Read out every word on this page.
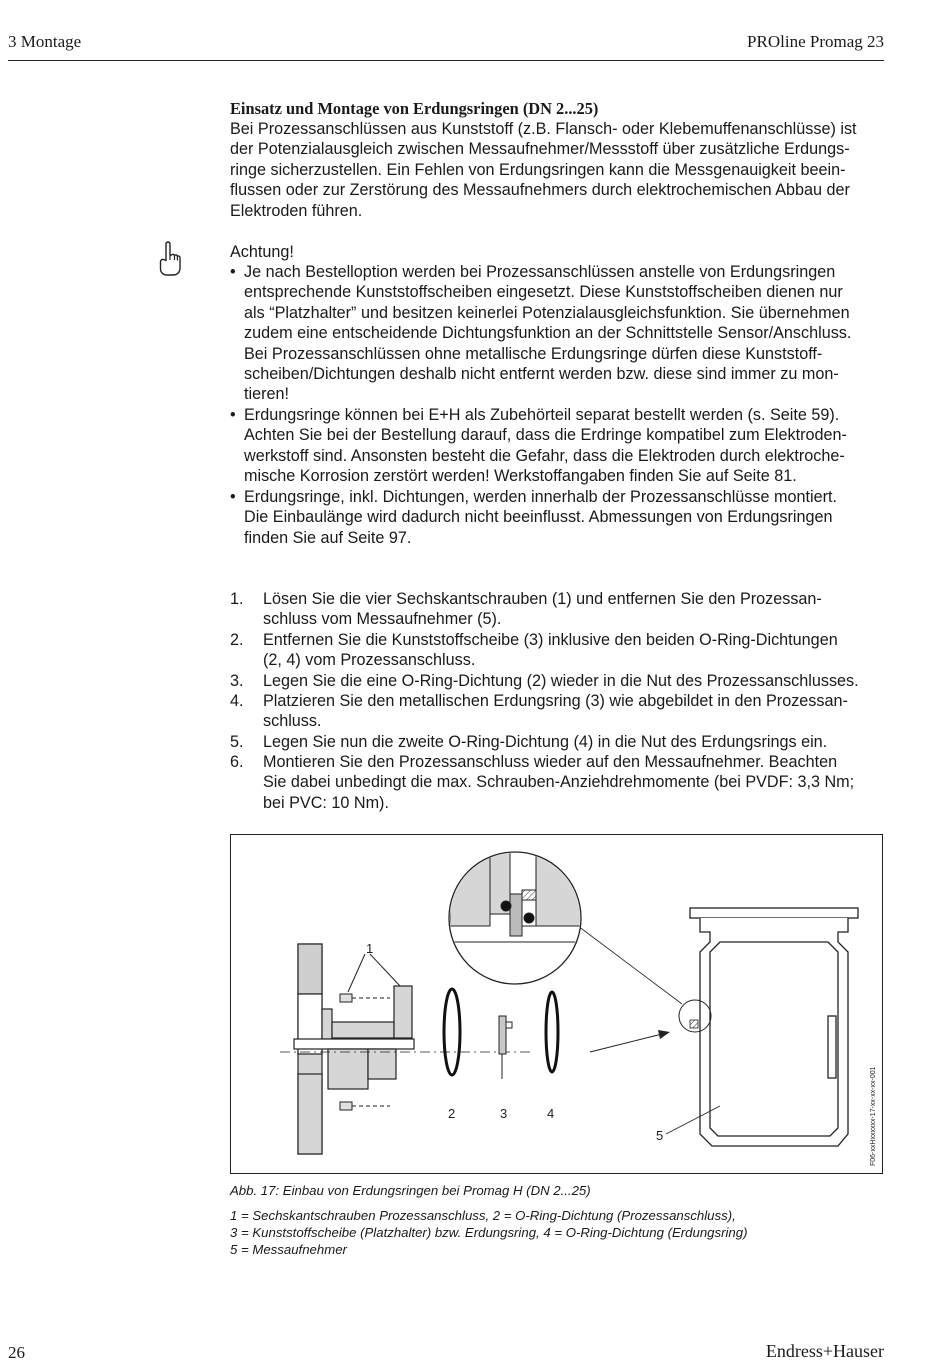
3 Montage	PROline Promag 23
Einsatz und Montage von Erdungsringen (DN 2...25)
Bei Prozessanschlüssen aus Kunststoff (z.B. Flansch- oder Klebemuffenanschlüsse) ist
der Potenzialausgleich zwischen Messaufnehmer/Messstoff über zusätzliche Erdungs-
ringe sicherzustellen. Ein Fehlen von Erdungsringen kann die Messgenauigkeit beein-
flussen oder zur Zerstörung des Messaufnehmers durch elektrochemischen Abbau der
Elektroden führen.
Achtung!
• Je nach Bestelloption werden bei Prozessanschlüssen anstelle von Erdungsringen
entsprechende Kunststoffscheiben eingesetzt. Diese Kunststoffscheiben dienen nur
als “Platzhalter” und besitzen keinerlei Potenzialausgleichsfunktion. Sie übernehmen
zudem eine entscheidende Dichtungsfunktion an der Schnittstelle Sensor/Anschluss.
Bei Prozessanschlüssen ohne metallische Erdungsringe dürfen diese Kunststoff-
scheiben/Dichtungen deshalb nicht entfernt werden bzw. diese sind immer zu mon-
tieren!
• Erdungsringe können bei E+H als Zubehörteil separat bestellt werden (s. Seite 59).
Achten Sie bei der Bestellung darauf, dass die Erdringe kompatibel zum Elektroden-
werkstoff sind. Ansonsten besteht die Gefahr, dass die Elektroden durch elektroche-
mische Korrosion zerstört werden! Werkstoffangaben finden Sie auf Seite 81.
• Erdungsringe, inkl. Dichtungen, werden innerhalb der Prozessanschlüsse montiert.
Die Einbaulänge wird dadurch nicht beeinflusst. Abmessungen von Erdungsringen
finden Sie auf Seite 97.
1. Lösen Sie die vier Sechskantschrauben (1) und entfernen Sie den Prozessan-
schluss vom Messaufnehmer (5).
2. Entfernen Sie die Kunststoffscheibe (3) inklusive den beiden O-Ring-Dichtungen
(2, 4) vom Prozessanschluss.
3. Legen Sie die eine O-Ring-Dichtung (2) wieder in die Nut des Prozessanschlusses.
4. Platzieren Sie den metallischen Erdungsring (3) wie abgebildet in den Prozessan-
schluss.
5. Legen Sie nun die zweite O-Ring-Dichtung (4) in die Nut des Erdungsrings ein.
6. Montieren Sie den Prozessanschluss wieder auf den Messaufnehmer. Beachten
Sie dabei unbedingt die max. Schrauben-Anziehdrehmomente (bei PVDF: 3,3 Nm;
bei PVC: 10 Nm).
1
2	3	4
5	F06-xxHxxxxxx-17-xx-xx-xx-001
Abb. 17: Einbau von Erdungsringen bei Promag H (DN 2...25)
1 = Sechskantschrauben Prozessanschluss, 2 = O-Ring-Dichtung (Prozessanschluss),
3 = Kunststoffscheibe (Platzhalter) bzw. Erdungsring, 4 = O-Ring-Dichtung (Erdungsring)
5 = Messaufnehmer
26	Endress+Hauser
